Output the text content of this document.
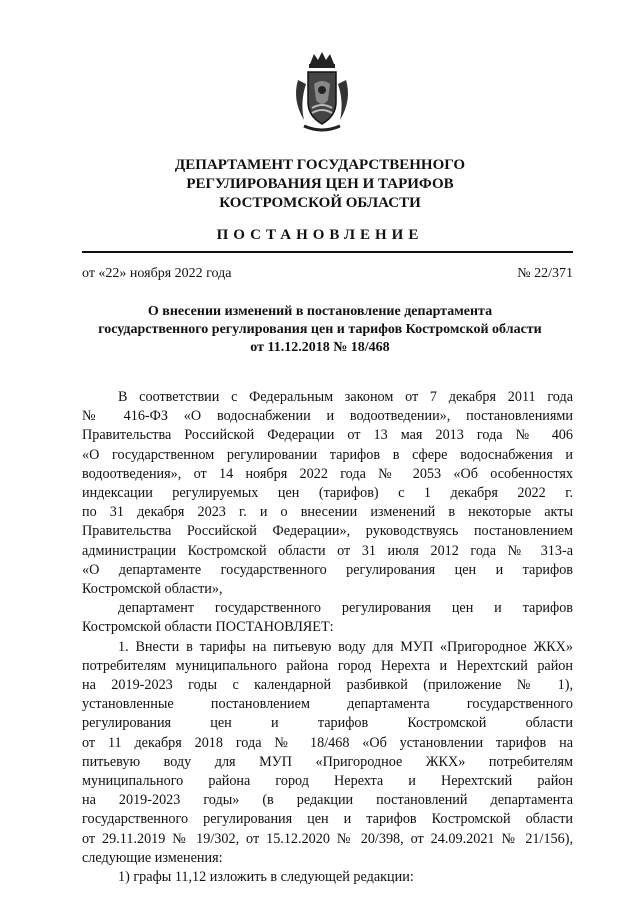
ДЕПАРТАМЕНТ ГОСУДАРСТВЕННОГО
РЕГУЛИРОВАНИЯ ЦЕН И ТАРИФОВ
КОСТРОМСКОЙ ОБЛАСТИ
ПОСТАНОВЛЕНИЕ
от «22» ноября 2022 года	№ 22/371
О внесении изменений в постановление департамента
государственного регулирования цен и тарифов Костромской области
от 11.12.2018 № 18/468

В соответствии с Федеральным законом от 7 декабря 2011 года

№ 416-ФЗ «О водоснабжении и водоотведении», постановлениями

Правительства Российской Федерации от 13 мая 2013 года № 406

«О государственном регулировании тарифов в сфере водоснабжения и

водоотведения», от 14 ноября 2022 года № 2053 «Об особенностях

индексации регулируемых цен (тарифов) с 1 декабря 2022 г.

по 31 декабря 2023 г. и о внесении изменений в некоторые акты

Правительства Российской Федерации», руководствуясь постановлением

администрации Костромской области от 31 июля 2012 года № 313-а

«О департаменте государственного регулирования цен и тарифов

Костромской области»,

департамент государственного регулирования цен и тарифов

Костромской области ПОСТАНОВЛЯЕТ:

1. Внести в тарифы на питьевую воду для МУП «Пригородное ЖКХ»

потребителям муниципального района город Нерехта и Нерехтский район

на 2019-2023 годы с календарной разбивкой (приложение № 1),

установленные постановлением департамента государственного

регулирования цен и тарифов Костромской области

от 11 декабря 2018 года № 18/468 «Об установлении тарифов на

питьевую воду для МУП «Пригородное ЖКХ» потребителям

муниципального района город Нерехта и Нерехтский район

на 2019-2023 годы» (в редакции постановлений департамента

государственного регулирования цен и тарифов Костромской области

от 29.11.2019 № 19/302, от 15.12.2020 № 20/398, от 24.09.2021 № 21/156),

следующие изменения:

1) графы 11,12 изложить в следующей редакции:
